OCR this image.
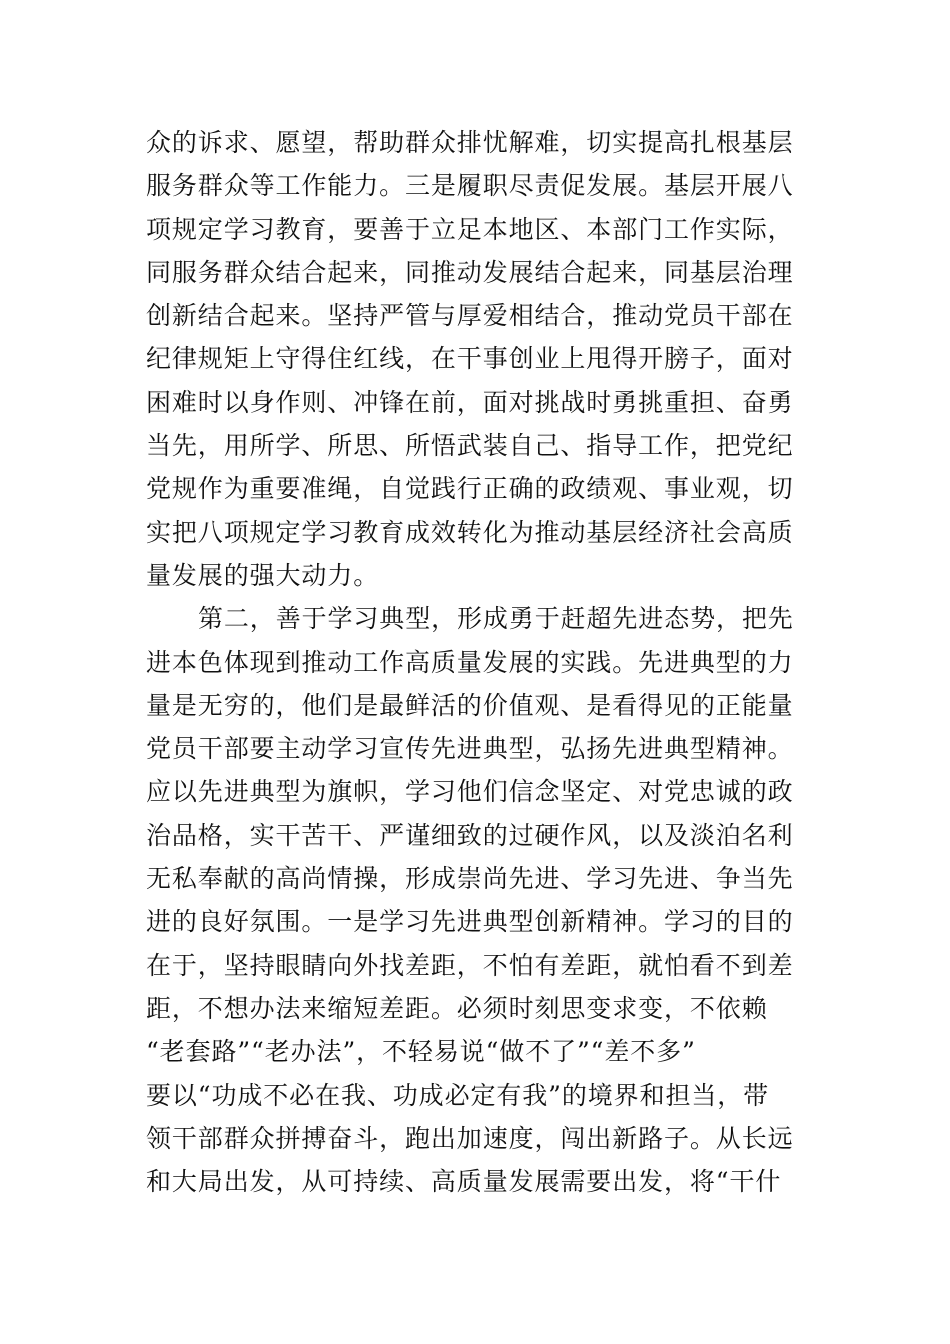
众的诉求、愿望，帮助群众排忧解难，切实提高扎根基层
服务群众等工作能力。三是履职尽责促发展。基层开展八
项规定学习教育，要善于立足本地区、本部门工作实际，
同服务群众结合起来，同推动发展结合起来，同基层治理
创新结合起来。坚持严管与厚爱相结合，推动党员干部在
纪律规矩上守得住红线，在干事创业上甩得开膀子，面对
困难时以身作则、冲锋在前，面对挑战时勇挑重担、奋勇
当先，用所学、所思、所悟武装自己、指导工作，把党纪
党规作为重要准绳，自觉践行正确的政绩观、事业观，切
实把八项规定学习教育成效转化为推动基层经济社会高质
量发展的强大动力。
第二，善于学习典型，形成勇于赶超先进态势，把先
进本色体现到推动工作高质量发展的实践。先进典型的力
量是无穷的，他们是最鲜活的价值观、是看得见的正能量
党员干部要主动学习宣传先进典型，弘扬先进典型精神。
应以先进典型为旗帜，学习他们信念坚定、对党忠诚的政
治品格，实干苦干、严谨细致的过硬作风，以及淡泊名利
无私奉献的高尚情操，形成崇尚先进、学习先进、争当先
进的良好氛围。一是学习先进典型创新精神。学习的目的
在于，坚持眼睛向外找差距，不怕有差距，就怕看不到差
距，不想办法来缩短差距。必须时刻思变求变，不依赖
“老套路”“老办法”，不轻易说“做不了”“差不多”
要以“功成不必在我、功成必定有我”的境界和担当，带
领干部群众拼搏奋斗，跑出加速度，闯出新路子。从长远
和大局出发，从可持续、高质量发展需要出发，将“干什
